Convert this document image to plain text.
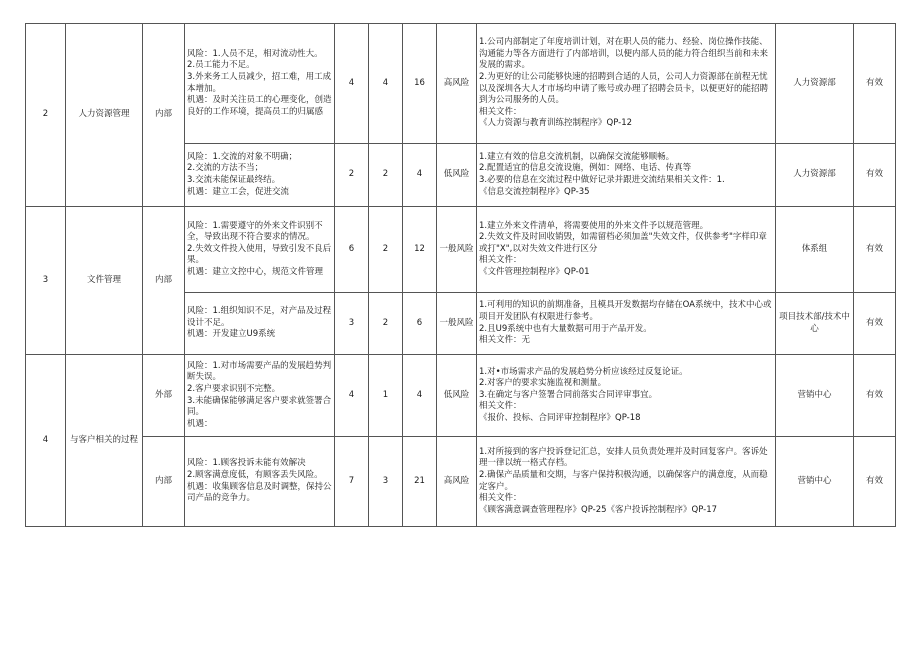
2	人力资源管理	内部	风险：1.人员不足，相对流动性大。
2.员工能力不足。
3.外来务工人员减少，招工难，用工成本增加。
机遇：及时关注员工的心理变化，创造良好的工作环境，提高员工的归属感	4	4	16	高风险	1.公司内部制定了年度培训计划，对在职人员的能力、经验、岗位操作技能、沟通能力等各方面进行了内部培训，以便内部人员的能力符合组织当前和未来发展的需求。
2.为更好的让公司能够快速的招聘到合适的人员，公司人力资源部在前程无忧以及深圳各大人才市场均申请了账号或办理了招聘会员卡，以便更好的能招聘到为公司服务的人员。
相关文件：
《人力资源与教育训练控制程序》QP-12	人力资源部	有效

			风险：1.交流的对象不明确；
2.交流的方法不当；
3.交流未能保证最终结。
机遇：建立工会，促进交流	2	2	4	低风险	1.建立有效的信息交流机制，以确保交流能够顺畅。
2.配置适宜的信息交流设施，例如：网络、电话、传真等
3.必要的信息在交流过程中做好记录并跟进交流结果相关文件：1.
《信息交流控制程序》QP-35	人力资源部	有效
3	文件管理	内部	风险：1.需要遵守的外来文件识别不全，导致出现不符合要求的情况。
2.失效文件投入使用，导致引发不良后果。
机遇：建立文控中心，规范文件管理	6	2	12	一般风险	1.建立外来文件清单，将需要使用的外来文件予以规范管理。
2.失效文件及时回收销毁，如需留档必须加盖"失效文件，仅供参考"字样印章或打"X",以对失效文件进行区分
相关文件：
《文件管理控制程序》QP-01	体系组	有效

			风险：1.组织知识不足，对产品及过程设计不足。
机遇：开发建立U9系统	3	2	6	一般风险	1.可利用的知识的前期准备，且模具开发数据均存储在OA系统中，技术中心或项目开发团队有权限进行参考。
2.且U9系统中也有大量数据可用于产品开发。
相关文件：无	项目技术部/技术中心	有效
4	与客户相关的过程	外部	风险：1.对市场需要产品的发展趋势判断失误。
2.客户要求识别不完整。
3.未能确保能够满足客户要求就签署合同。
机遇：	4	1	4	低风险	1.对•市场需求产品的发展趋势分析应该经过反复论证。
2.对客户的要求实施监视和测量。
3.在确定与客户签署合同前落实合同评审事宜。
相关文件：
《报价、投标、合同评审控制程序》QP-18	营销中心	有效
		内部	风险：1.顾客投诉未能有效解决
2.顾客满意度低，有顾客丢失风险。
机遇：收集顾客信息及时调整，保持公司产品的竞争力。	7	3	21	高风险	1.对所接到的客户投诉登记汇总，安排人员负责处理并及时回复客户。客诉处理一律以统一格式存档。
2.确保产品质量和交期，与客户保持积极沟通，以确保客户的满意度，从而稳定客户。
相关文件：
《顾客满意调查管理程序》QP-25《客户投诉控制程序》QP-17	营销中心	有效
